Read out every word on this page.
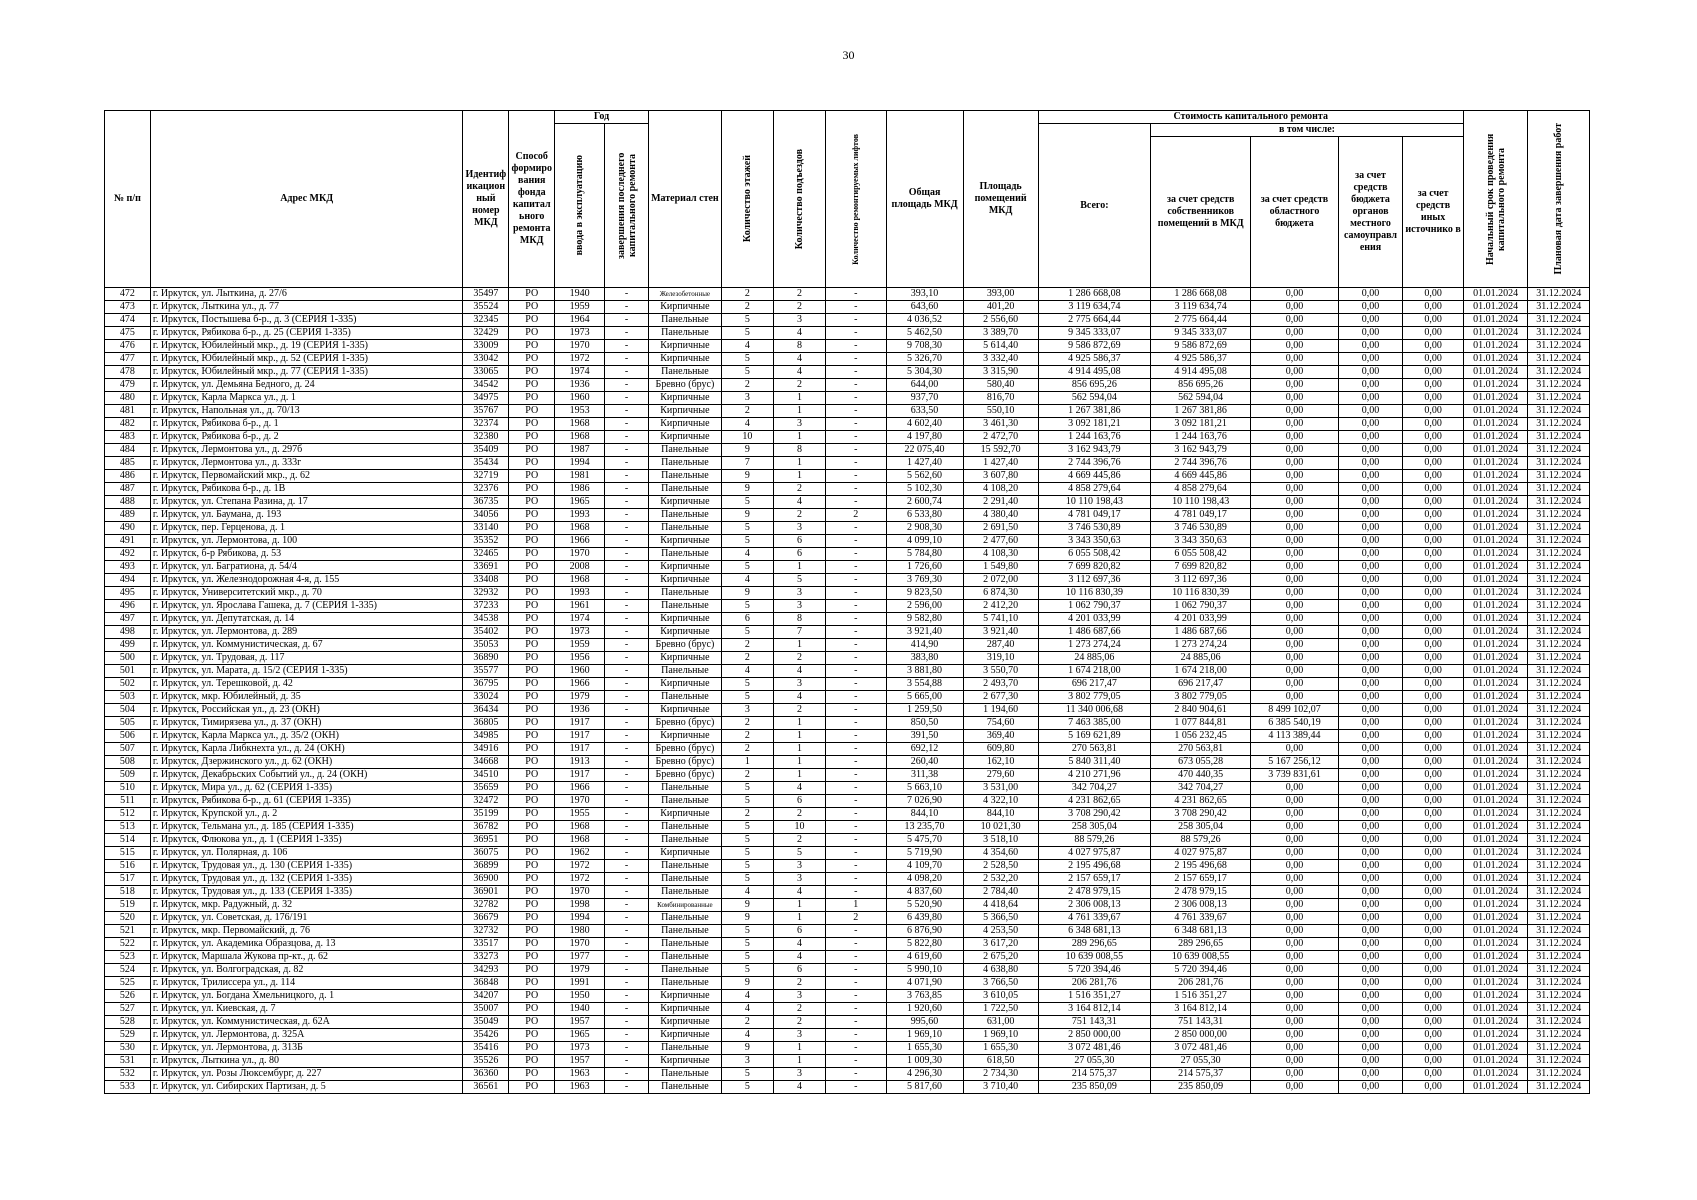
30
№ п/п	Адрес МКД	Идентиф икацион ный номер МКД	Способ формиро вания фонда капитал ьного ремонта МКД	Год		Материал стен	Количество этажей	Количество подъездов	Количество ремонтируемых лифтов	Общая площадь МКД	Площадь помещений МКД	Стоимость капитального ремонта					Начальный срок проведения капитального ремонта	Плановая дата завершения работ

				ввода в эксплуатацию	завершения последнего капитального ремонта							Всего:	в том числе:					
													за счет средств собственников помещений в МКД	за счет средств областного бюджета	за счет средств бюджета органов местного самоуправл ения	за счет средств иных источнико в		
472	г. Иркутск, ул. Лыткина, д. 27/6	35497	РО	1940	-	Железобетонные	2	2	-	393,10	393,00	1 286 668,08	1 286 668,08	0,00	0,00	0,00	01.01.2024	31.12.2024
473	г. Иркутск, Лыткина ул., д. 77	35524	РО	1959	-	Кирпичные	2	2	-	643,60	401,20	3 119 634,74	3 119 634,74	0,00	0,00	0,00	01.01.2024	31.12.2024
474	г. Иркутск, Постышева б-р., д. 3 (СЕРИЯ 1-335)	32345	РО	1964	-	Панельные	5	3	-	4 036,52	2 556,60	2 775 664,44	2 775 664,44	0,00	0,00	0,00	01.01.2024	31.12.2024
475	г. Иркутск, Рябикова б-р., д. 25 (СЕРИЯ 1-335)	32429	РО	1973	-	Панельные	5	4	-	5 462,50	3 389,70	9 345 333,07	9 345 333,07	0,00	0,00	0,00	01.01.2024	31.12.2024
476	г. Иркутск, Юбилейный мкр., д. 19 (СЕРИЯ 1-335)	33009	РО	1970	-	Кирпичные	4	8	-	9 708,30	5 614,40	9 586 872,69	9 586 872,69	0,00	0,00	0,00	01.01.2024	31.12.2024
477	г. Иркутск, Юбилейный мкр., д. 52 (СЕРИЯ 1-335)	33042	РО	1972	-	Кирпичные	5	4	-	5 326,70	3 332,40	4 925 586,37	4 925 586,37	0,00	0,00	0,00	01.01.2024	31.12.2024
478	г. Иркутск, Юбилейный мкр., д. 77 (СЕРИЯ 1-335)	33065	РО	1974	-	Панельные	5	4	-	5 304,30	3 315,90	4 914 495,08	4 914 495,08	0,00	0,00	0,00	01.01.2024	31.12.2024
479	г. Иркутск, ул. Демьяна Бедного, д. 24	34542	РО	1936	-	Бревно (брус)	2	2	-	644,00	580,40	856 695,26	856 695,26	0,00	0,00	0,00	01.01.2024	31.12.2024
480	г. Иркутск, Карла Маркса ул., д. 1	34975	РО	1960	-	Кирпичные	3	1	-	937,70	816,70	562 594,04	562 594,04	0,00	0,00	0,00	01.01.2024	31.12.2024
481	г. Иркутск, Напольная ул., д. 70/13	35767	РО	1953	-	Кирпичные	2	1	-	633,50	550,10	1 267 381,86	1 267 381,86	0,00	0,00	0,00	01.01.2024	31.12.2024
482	г. Иркутск, Рябикова б-р., д. 1	32374	РО	1968	-	Кирпичные	4	3	-	4 602,40	3 461,30	3 092 181,21	3 092 181,21	0,00	0,00	0,00	01.01.2024	31.12.2024
483	г. Иркутск, Рябикова б-р., д. 2	32380	РО	1968	-	Кирпичные	10	1	-	4 197,80	2 472,70	1 244 163,76	1 244 163,76	0,00	0,00	0,00	01.01.2024	31.12.2024
484	г. Иркутск, Лермонтова ул., д. 297б	35409	РО	1987	-	Панельные	9	8	-	22 075,40	15 592,70	3 162 943,79	3 162 943,79	0,00	0,00	0,00	01.01.2024	31.12.2024
485	г. Иркутск, Лермонтова ул., д. 333г	35434	РО	1994	-	Панельные	7	1	-	1 427,40	1 427,40	2 744 396,76	2 744 396,76	0,00	0,00	0,00	01.01.2024	31.12.2024
486	г. Иркутск, Первомайский мкр., д. 62	32719	РО	1981	-	Панельные	9	1	-	5 562,60	3 607,80	4 669 445,86	4 669 445,86	0,00	0,00	0,00	01.01.2024	31.12.2024
487	г. Иркутск, Рябикова б-р., д. 1В	32376	РО	1986	-	Панельные	9	2	-	5 102,30	4 108,20	4 858 279,64	4 858 279,64	0,00	0,00	0,00	01.01.2024	31.12.2024
488	г. Иркутск, ул. Степана Разина, д. 17	36735	РО	1965	-	Кирпичные	5	4	-	2 600,74	2 291,40	10 110 198,43	10 110 198,43	0,00	0,00	0,00	01.01.2024	31.12.2024
489	г. Иркутск, ул. Баумана, д. 193	34056	РО	1993	-	Панельные	9	2	2	6 533,80	4 380,40	4 781 049,17	4 781 049,17	0,00	0,00	0,00	01.01.2024	31.12.2024
490	г. Иркутск, пер. Герценова, д. 1	33140	РО	1968	-	Панельные	5	3	-	2 908,30	2 691,50	3 746 530,89	3 746 530,89	0,00	0,00	0,00	01.01.2024	31.12.2024
491	г. Иркутск, ул. Лермонтова, д. 100	35352	РО	1966	-	Кирпичные	5	6	-	4 099,10	2 477,60	3 343 350,63	3 343 350,63	0,00	0,00	0,00	01.01.2024	31.12.2024
492	г. Иркутск, б-р Рябикова, д. 53	32465	РО	1970	-	Панельные	4	6	-	5 784,80	4 108,30	6 055 508,42	6 055 508,42	0,00	0,00	0,00	01.01.2024	31.12.2024
493	г. Иркутск, ул. Багратиона, д. 54/4	33691	РО	2008	-	Кирпичные	5	1	-	1 726,60	1 549,80	7 699 820,82	7 699 820,82	0,00	0,00	0,00	01.01.2024	31.12.2024
494	г. Иркутск, ул. Железнодорожная 4-я, д. 155	33408	РО	1968	-	Кирпичные	4	5	-	3 769,30	2 072,00	3 112 697,36	3 112 697,36	0,00	0,00	0,00	01.01.2024	31.12.2024
495	г. Иркутск, Университетский мкр., д. 70	32932	РО	1993	-	Панельные	9	3	-	9 823,50	6 874,30	10 116 830,39	10 116 830,39	0,00	0,00	0,00	01.01.2024	31.12.2024
496	г. Иркутск, ул. Ярослава Гашека, д. 7 (СЕРИЯ 1-335)	37233	РО	1961	-	Панельные	5	3	-	2 596,00	2 412,20	1 062 790,37	1 062 790,37	0,00	0,00	0,00	01.01.2024	31.12.2024
497	г. Иркутск, ул. Депутатская, д. 14	34538	РО	1974	-	Кирпичные	6	8	-	9 582,80	5 741,10	4 201 033,99	4 201 033,99	0,00	0,00	0,00	01.01.2024	31.12.2024
498	г. Иркутск, ул. Лермонтова, д. 289	35402	РО	1973	-	Кирпичные	5	7	-	3 921,40	3 921,40	1 486 687,66	1 486 687,66	0,00	0,00	0,00	01.01.2024	31.12.2024
499	г. Иркутск, ул. Коммунистическая, д. 67	35053	РО	1959	-	Бревно (брус)	2	1	-	414,90	287,40	1 273 274,24	1 273 274,24	0,00	0,00	0,00	01.01.2024	31.12.2024
500	г. Иркутск, ул. Трудовая, д. 117	36890	РО	1956	-	Кирпичные	2	2	-	383,80	319,10	24 885,06	24 885,06	0,00	0,00	0,00	01.01.2024	31.12.2024
501	г. Иркутск, ул. Марата, д. 15/2 (СЕРИЯ 1-335)	35577	РО	1960	-	Панельные	4	4	-	3 881,80	3 550,70	1 674 218,00	1 674 218,00	0,00	0,00	0,00	01.01.2024	31.12.2024
502	г. Иркутск, ул. Терешковой, д. 42	36795	РО	1966	-	Кирпичные	5	3	-	3 554,88	2 493,70	696 217,47	696 217,47	0,00	0,00	0,00	01.01.2024	31.12.2024
503	г. Иркутск, мкр. Юбилейный, д. 35	33024	РО	1979	-	Панельные	5	4	-	5 665,00	2 677,30	3 802 779,05	3 802 779,05	0,00	0,00	0,00	01.01.2024	31.12.2024
504	г. Иркутск, Российская ул., д. 23 (ОКН)	36434	РО	1936	-	Кирпичные	3	2	-	1 259,50	1 194,60	11 340 006,68	2 840 904,61	8 499 102,07	0,00	0,00	01.01.2024	31.12.2024
505	г. Иркутск, Тимирязева ул., д. 37 (ОКН)	36805	РО	1917	-	Бревно (брус)	2	1	-	850,50	754,60	7 463 385,00	1 077 844,81	6 385 540,19	0,00	0,00	01.01.2024	31.12.2024
506	г. Иркутск, Карла Маркса ул., д. 35/2 (ОКН)	34985	РО	1917	-	Кирпичные	2	1	-	391,50	369,40	5 169 621,89	1 056 232,45	4 113 389,44	0,00	0,00	01.01.2024	31.12.2024
507	г. Иркутск, Карла Либкнехта ул., д. 24 (ОКН)	34916	РО	1917	-	Бревно (брус)	2	1	-	692,12	609,80	270 563,81	270 563,81	0,00	0,00	0,00	01.01.2024	31.12.2024
508	г. Иркутск, Дзержинского ул., д. 62 (ОКН)	34668	РО	1913	-	Бревно (брус)	1	1	-	260,40	162,10	5 840 311,40	673 055,28	5 167 256,12	0,00	0,00	01.01.2024	31.12.2024
509	г. Иркутск, Декабрьских Событий ул., д. 24 (ОКН)	34510	РО	1917	-	Бревно (брус)	2	1	-	311,38	279,60	4 210 271,96	470 440,35	3 739 831,61	0,00	0,00	01.01.2024	31.12.2024
510	г. Иркутск, Мира ул., д. 62 (СЕРИЯ 1-335)	35659	РО	1966	-	Панельные	5	4	-	5 663,10	3 531,00	342 704,27	342 704,27	0,00	0,00	0,00	01.01.2024	31.12.2024
511	г. Иркутск, Рябикова б-р., д. 61 (СЕРИЯ 1-335)	32472	РО	1970	-	Панельные	5	6	-	7 026,90	4 322,10	4 231 862,65	4 231 862,65	0,00	0,00	0,00	01.01.2024	31.12.2024
512	г. Иркутск, Крупской ул., д. 2	35199	РО	1955	-	Кирпичные	2	2	-	844,10	844,10	3 708 290,42	3 708 290,42	0,00	0,00	0,00	01.01.2024	31.12.2024
513	г. Иркутск, Тельмана ул., д. 185 (СЕРИЯ 1-335)	36782	РО	1968	-	Панельные	5	10	-	13 235,70	10 021,30	258 305,04	258 305,04	0,00	0,00	0,00	01.01.2024	31.12.2024
514	г. Иркутск, Флюкова ул., д. 1 (СЕРИЯ 1-335)	36951	РО	1968	-	Панельные	5	2	-	5 475,70	3 518,10	88 579,26	88 579,26	0,00	0,00	0,00	01.01.2024	31.12.2024
515	г. Иркутск, ул. Полярная, д. 106	36075	РО	1962	-	Кирпичные	5	5	-	5 719,90	4 354,60	4 027 975,87	4 027 975,87	0,00	0,00	0,00	01.01.2024	31.12.2024
516	г. Иркутск, Трудовая ул., д. 130 (СЕРИЯ 1-335)	36899	РО	1972	-	Панельные	5	3	-	4 109,70	2 528,50	2 195 496,68	2 195 496,68	0,00	0,00	0,00	01.01.2024	31.12.2024
517	г. Иркутск, Трудовая ул., д. 132 (СЕРИЯ 1-335)	36900	РО	1972	-	Панельные	5	3	-	4 098,20	2 532,20	2 157 659,17	2 157 659,17	0,00	0,00	0,00	01.01.2024	31.12.2024
518	г. Иркутск, Трудовая ул., д. 133 (СЕРИЯ 1-335)	36901	РО	1970	-	Панельные	4	4	-	4 837,60	2 784,40	2 478 979,15	2 478 979,15	0,00	0,00	0,00	01.01.2024	31.12.2024
519	г. Иркутск, мкр. Радужный, д. 32	32782	РО	1998	-	Комбинированные	9	1	1	5 520,90	4 418,64	2 306 008,13	2 306 008,13	0,00	0,00	0,00	01.01.2024	31.12.2024
520	г. Иркутск, ул. Советская, д. 176/191	36679	РО	1994	-	Панельные	9	1	2	6 439,80	5 366,50	4 761 339,67	4 761 339,67	0,00	0,00	0,00	01.01.2024	31.12.2024
521	г. Иркутск, мкр. Первомайский, д. 76	32732	РО	1980	-	Панельные	5	6	-	6 876,90	4 253,50	6 348 681,13	6 348 681,13	0,00	0,00	0,00	01.01.2024	31.12.2024
522	г. Иркутск, ул. Академика Образцова, д. 13	33517	РО	1970	-	Панельные	5	4	-	5 822,80	3 617,20	289 296,65	289 296,65	0,00	0,00	0,00	01.01.2024	31.12.2024
523	г. Иркутск, Маршала Жукова пр-кт., д. 62	33273	РО	1977	-	Панельные	5	4	-	4 619,60	2 675,20	10 639 008,55	10 639 008,55	0,00	0,00	0,00	01.01.2024	31.12.2024
524	г. Иркутск, ул. Волгоградская, д. 82	34293	РО	1979	-	Панельные	5	6	-	5 990,10	4 638,80	5 720 394,46	5 720 394,46	0,00	0,00	0,00	01.01.2024	31.12.2024
525	г. Иркутск, Трилиссера ул., д. 114	36848	РО	1991	-	Панельные	9	2	-	4 071,90	3 766,50	206 281,76	206 281,76	0,00	0,00	0,00	01.01.2024	31.12.2024
526	г. Иркутск, ул. Богдана Хмельницкого, д. 1	34207	РО	1950	-	Кирпичные	4	3	-	3 763,85	3 610,05	1 516 351,27	1 516 351,27	0,00	0,00	0,00	01.01.2024	31.12.2024
527	г. Иркутск, ул. Киевская, д. 7	35007	РО	1940	-	Кирпичные	4	2	-	1 920,60	1 722,50	3 164 812,14	3 164 812,14	0,00	0,00	0,00	01.01.2024	31.12.2024
528	г. Иркутск, ул. Коммунистическая, д. 62А	35049	РО	1957	-	Кирпичные	2	2	-	995,60	631,00	751 143,31	751 143,31	0,00	0,00	0,00	01.01.2024	31.12.2024
529	г. Иркутск, ул. Лермонтова, д. 325А	35426	РО	1965	-	Кирпичные	4	3	-	1 969,10	1 969,10	2 850 000,00	2 850 000,00	0,00	0,00	0,00	01.01.2024	31.12.2024
530	г. Иркутск, ул. Лермонтова, д. 313Б	35416	РО	1973	-	Панельные	9	1	-	1 655,30	1 655,30	3 072 481,46	3 072 481,46	0,00	0,00	0,00	01.01.2024	31.12.2024
531	г. Иркутск, Лыткина ул., д. 80	35526	РО	1957	-	Кирпичные	3	1	-	1 009,30	618,50	27 055,30	27 055,30	0,00	0,00	0,00	01.01.2024	31.12.2024
532	г. Иркутск, ул. Розы Люксембург, д. 227	36360	РО	1963	-	Панельные	5	3	-	4 296,30	2 734,30	214 575,37	214 575,37	0,00	0,00	0,00	01.01.2024	31.12.2024
533	г. Иркутск, ул. Сибирских Партизан, д. 5	36561	РО	1963	-	Панельные	5	4	-	5 817,60	3 710,40	235 850,09	235 850,09	0,00	0,00	0,00	01.01.2024	31.12.2024
